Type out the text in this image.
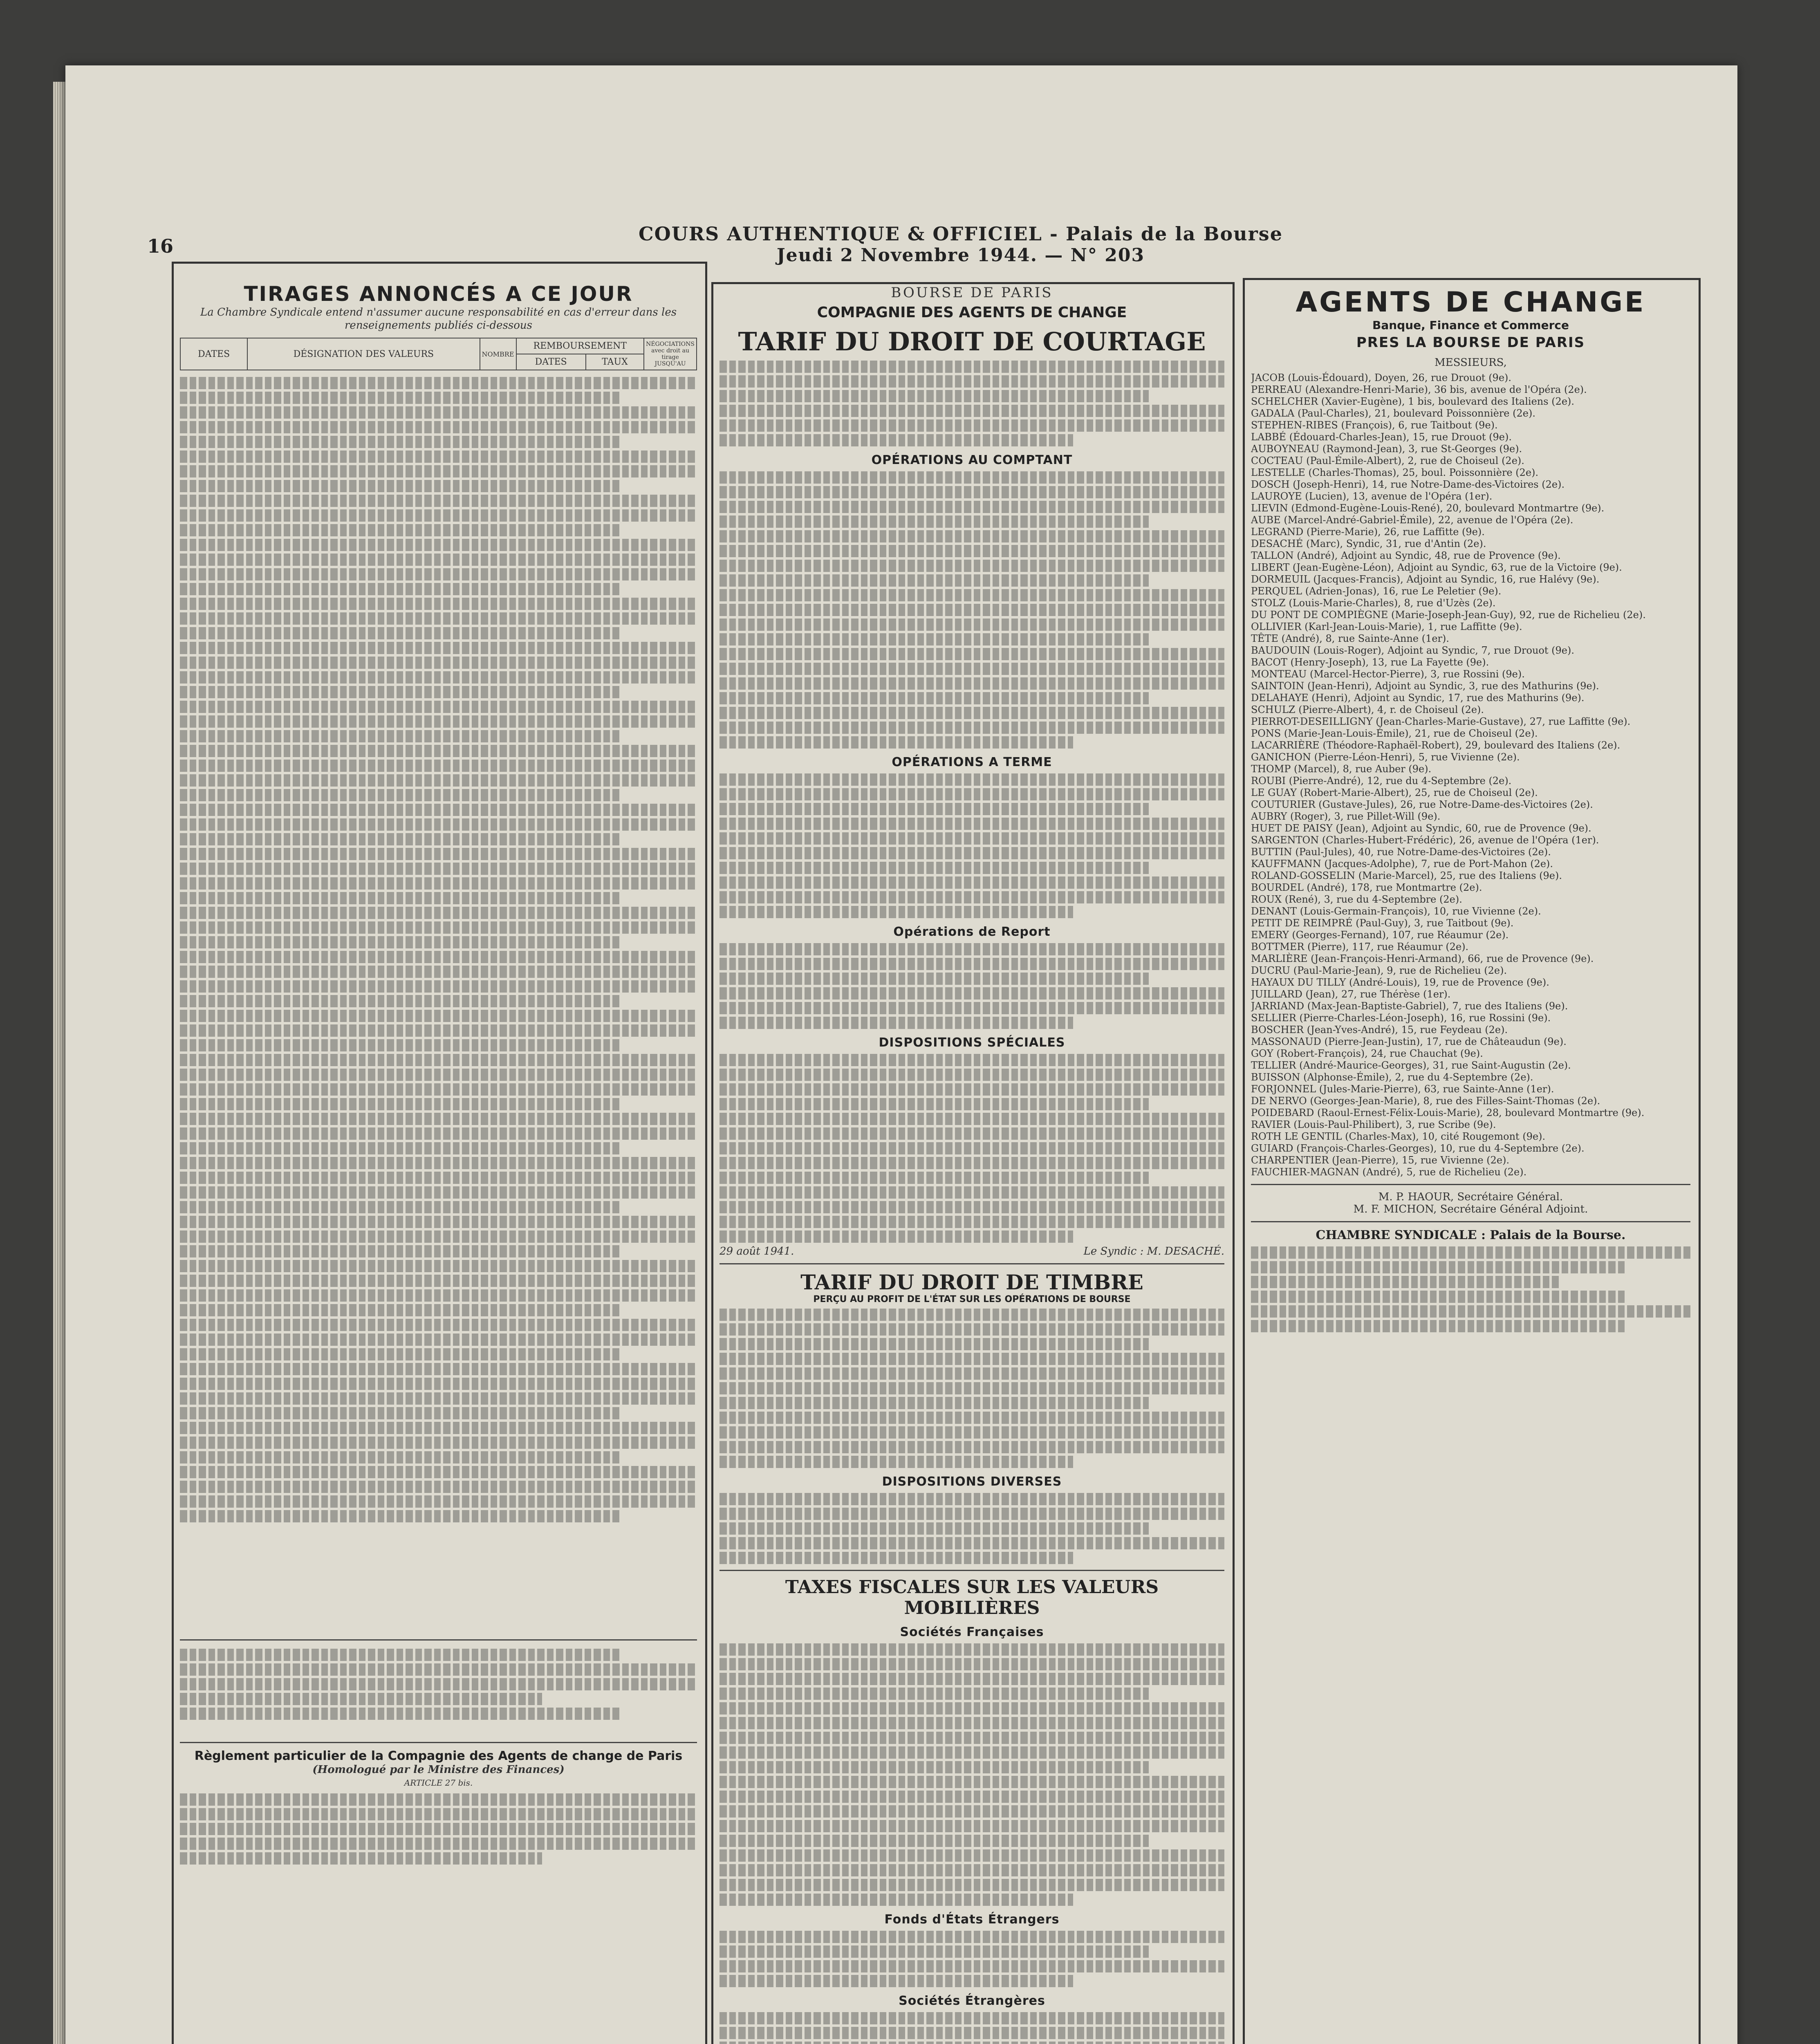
16
COURS AUTHENTIQUE & OFFICIEL - Palais de la Bourse
Jeudi 2 Novembre 1944. — N° 203
TIRAGES ANNONCÉS A CE JOUR
La Chambre Syndicale entend n'assumer aucune responsabilité en cas d'erreur dans les renseignements publiés ci-dessous
DATES	DÉSIGNATION DES VALEURS	NOMBRE	REMBOURSEMENT		NÉGOCIATIONS avec droit au tirage JUSQU'AU
			DATES	TAUX	
Règlement particulier de la Compagnie des Agents de change de Paris
(Homologué par le Ministre des Finances)
ARTICLE 27 bis.
BOURSE DE PARIS
COMPAGNIE DES AGENTS DE CHANGE
TARIF DU DROIT DE COURTAGE
OPÉRATIONS AU COMPTANT
OPÉRATIONS A TERME
Opérations de Report
DISPOSITIONS SPÉCIALES
29 août 1941.	Le Syndic : M. DESACHÉ.
TARIF DU DROIT DE TIMBRE
PERÇU AU PROFIT DE L'ÉTAT SUR LES OPÉRATIONS DE BOURSE
DISPOSITIONS DIVERSES
TAXES FISCALES SUR LES VALEURS MOBILIÈRES
Sociétés Françaises
Fonds d'États Étrangers
Sociétés Étrangères
AGENTS DE CHANGE
Banque, Finance et Commerce
PRES LA BOURSE DE PARIS
MESSIEURS,
JACOB (Louis-Édouard), Doyen, 26, rue Drouot (9e).
PERREAU (Alexandre-Henri-Marie), 36 bis, avenue de l'Opéra (2e).
SCHELCHER (Xavier-Eugène), 1 bis, boulevard des Italiens (2e).
GADALA (Paul-Charles), 21, boulevard Poissonnière (2e).
STEPHEN-RIBES (François), 6, rue Taitbout (9e).
LABBÉ (Édouard-Charles-Jean), 15, rue Drouot (9e).
AUBOYNEAU (Raymond-Jean), 3, rue St-Georges (9e).
COCTEAU (Paul-Émile-Albert), 2, rue de Choiseul (2e).
LESTELLE (Charles-Thomas), 25, boul. Poissonnière (2e).
DOSCH (Joseph-Henri), 14, rue Notre-Dame-des-Victoires (2e).
LAUROYE (Lucien), 13, avenue de l'Opéra (1er).
LIEVIN (Edmond-Eugène-Louis-René), 20, boulevard Montmartre (9e).
AUBE (Marcel-André-Gabriel-Émile), 22, avenue de l'Opéra (2e).
LEGRAND (Pierre-Marie), 26, rue Laffitte (9e).
DESACHÉ (Marc), Syndic, 31, rue d'Antin (2e).
TALLON (André), Adjoint au Syndic, 48, rue de Provence (9e).
LIBERT (Jean-Eugène-Léon), Adjoint au Syndic, 63, rue de la Victoire (9e).
DORMEUIL (Jacques-Francis), Adjoint au Syndic, 16, rue Halévy (9e).
PERQUEL (Adrien-Jonas), 16, rue Le Peletier (9e).
STOLZ (Louis-Marie-Charles), 8, rue d'Uzès (2e).
DU PONT DE COMPIÈGNE (Marie-Joseph-Jean-Guy), 92, rue de Richelieu (2e).
OLLIVIER (Karl-Jean-Louis-Marie), 1, rue Laffitte (9e).
TÊTE (André), 8, rue Sainte-Anne (1er).
BAUDOUIN (Louis-Roger), Adjoint au Syndic, 7, rue Drouot (9e).
BACOT (Henry-Joseph), 13, rue La Fayette (9e).
MONTEAU (Marcel-Hector-Pierre), 3, rue Rossini (9e).
SAINTOIN (Jean-Henri), Adjoint au Syndic, 3, rue des Mathurins (9e).
DELAHAYE (Henri), Adjoint au Syndic, 17, rue des Mathurins (9e).
SCHULZ (Pierre-Albert), 4, r. de Choiseul (2e).
PIERROT-DESEILLIGNY (Jean-Charles-Marie-Gustave), 27, rue Laffitte (9e).
PONS (Marie-Jean-Louis-Émile), 21, rue de Choiseul (2e).
LACARRIÈRE (Théodore-Raphaël-Robert), 29, boulevard des Italiens (2e).
GANICHON (Pierre-Léon-Henri), 5, rue Vivienne (2e).
THOMP (Marcel), 8, rue Auber (9e).
ROUBI (Pierre-André), 12, rue du 4-Septembre (2e).
LE GUAY (Robert-Marie-Albert), 25, rue de Choiseul (2e).
COUTURIER (Gustave-Jules), 26, rue Notre-Dame-des-Victoires (2e).
AUBRY (Roger), 3, rue Pillet-Will (9e).
HUET DE PAISY (Jean), Adjoint au Syndic, 60, rue de Provence (9e).
SARGENTON (Charles-Hubert-Frédéric), 26, avenue de l'Opéra (1er).
BUTTIN (Paul-Jules), 40, rue Notre-Dame-des-Victoires (2e).
KAUFFMANN (Jacques-Adolphe), 7, rue de Port-Mahon (2e).
ROLAND-GOSSELIN (Marie-Marcel), 25, rue des Italiens (9e).
BOURDEL (André), 178, rue Montmartre (2e).
ROUX (René), 3, rue du 4-Septembre (2e).
DENANT (Louis-Germain-François), 10, rue Vivienne (2e).
PETIT DE REIMPRÉ (Paul-Guy), 3, rue Taitbout (9e).
EMERY (Georges-Fernand), 107, rue Réaumur (2e).
BOTTMER (Pierre), 117, rue Réaumur (2e).
MARLIÈRE (Jean-François-Henri-Armand), 66, rue de Provence (9e).
DUCRU (Paul-Marie-Jean), 9, rue de Richelieu (2e).
HAYAUX DU TILLY (André-Louis), 19, rue de Provence (9e).
JUILLARD (Jean), 27, rue Thérèse (1er).
JARRIAND (Max-Jean-Baptiste-Gabriel), 7, rue des Italiens (9e).
SELLIER (Pierre-Charles-Léon-Joseph), 16, rue Rossini (9e).
BOSCHER (Jean-Yves-André), 15, rue Feydeau (2e).
MASSONAUD (Pierre-Jean-Justin), 17, rue de Châteaudun (9e).
GOY (Robert-François), 24, rue Chauchat (9e).
TELLIER (André-Maurice-Georges), 31, rue Saint-Augustin (2e).
BUISSON (Alphonse-Émile), 2, rue du 4-Septembre (2e).
FORJONNEL (Jules-Marie-Pierre), 63, rue Sainte-Anne (1er).
DE NERVO (Georges-Jean-Marie), 8, rue des Filles-Saint-Thomas (2e).
POIDEBARD (Raoul-Ernest-Félix-Louis-Marie), 28, boulevard Montmartre (9e).
RAVIER (Louis-Paul-Philibert), 3, rue Scribe (9e).
ROTH LE GENTIL (Charles-Max), 10, cité Rougemont (9e).
GUIARD (François-Charles-Georges), 10, rue du 4-Septembre (2e).
CHARPENTIER (Jean-Pierre), 15, rue Vivienne (2e).
FAUCHIER-MAGNAN (André), 5, rue de Richelieu (2e).
M. P. HAOUR, Secrétaire Général.
M. F. MICHON, Secrétaire Général Adjoint.
CHAMBRE SYNDICALE : Palais de la Bourse.
